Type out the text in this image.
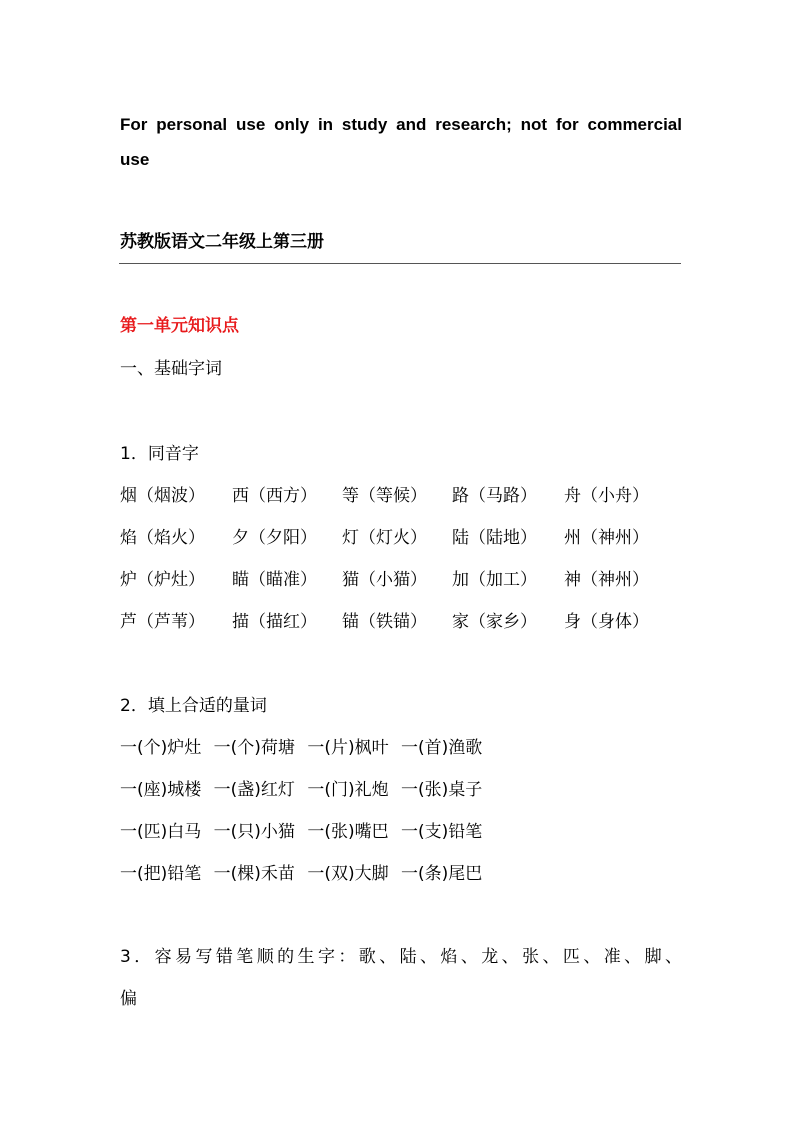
For personal use only in study and research; not for commercial
use
苏教版语文二年级上第三册
第一单元知识点
一、基础字词
1．同音字
烟（烟波） 西（西方） 等（等候） 路（马路） 舟（小舟）
焰（焰火） 夕（夕阳） 灯（灯火） 陆（陆地） 州（神州）
炉（炉灶） 瞄（瞄准） 猫（小猫） 加（加工） 神（神州）
芦（芦苇） 描（描红） 锚（铁锚） 家（家乡） 身（身体）
2．填上合适的量词
一(个)炉灶 一(个)荷塘 一(片)枫叶 一(首)渔歌
一(座)城楼 一(盏)红灯 一(门)礼炮 一(张)桌子
一(匹)白马 一(只)小猫 一(张)嘴巴 一(支)铅笔
一(把)铅笔 一(棵)禾苗 一(双)大脚 一(条)尾巴
3．容易写错笔顺的生字：歌、陆、焰、龙、张、匹、准、脚、
偏
